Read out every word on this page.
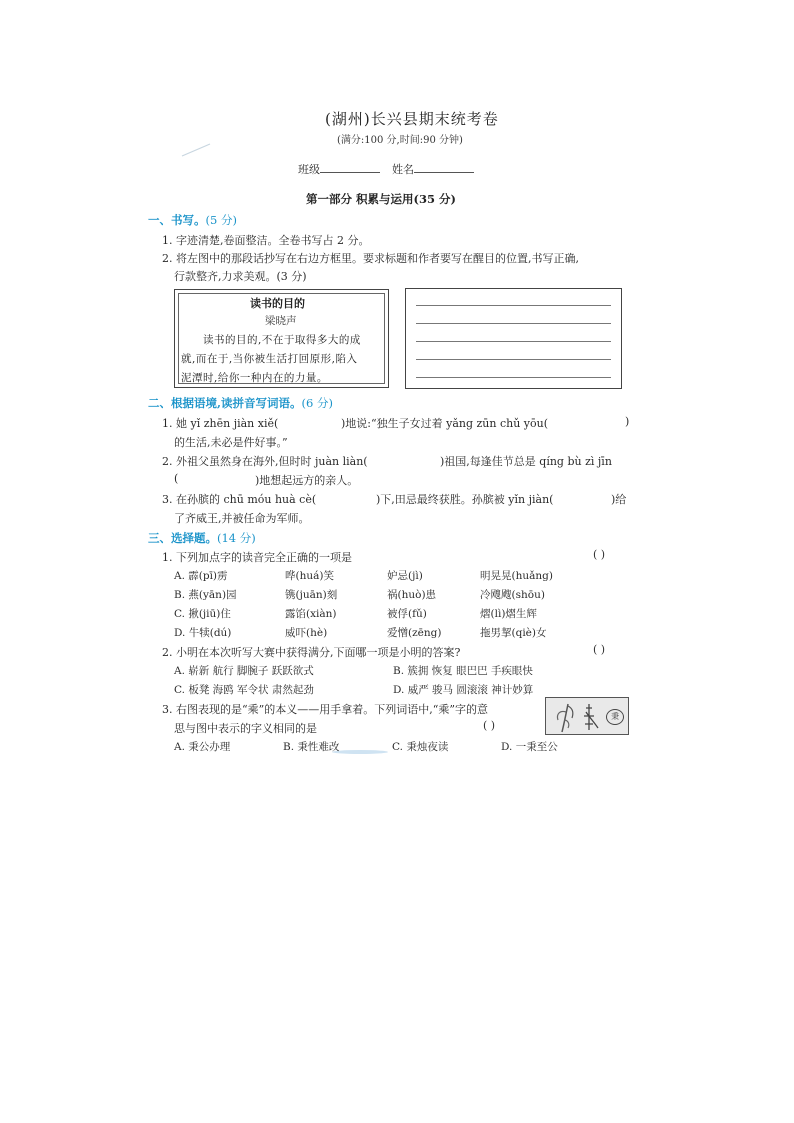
(湖州)长兴县期末统考卷
(满分:100 分,时间:90 分钟)
班级	姓名
第一部分 积累与运用(35 分)
一、书写。(5 分)
1. 字迹清楚,卷面整洁。全卷书写占 2 分。
2. 将左图中的那段话抄写在右边方框里。要求标题和作者要写在醒目的位置,书写正确,
行款整齐,力求美观。(3 分)
读书的目的
梁晓声
读书的目的,不在于取得多大的成
就,而在于,当你被生活打回原形,陷入
泥潭时,给你一种内在的力量。
二、根据语境,读拼音写词语。(6 分)
1. 她 yǐ zhēn jiàn xiě(	)地说:“独生子女过着 yǎng zūn chǔ yōu(	)
的生活,未必是件好事。”
2. 外祖父虽然身在海外,但时时 juàn liàn(	)祖国,每逢佳节总是 qíng bù zì jīn
(	)地想起远方的亲人。
3. 在孙膑的 chū móu huà cè(	)下,田忌最终获胜。孙膑被 yǐn jiàn(	)给
了齐威王,并被任命为军师。
三、选择题。(14 分)
1. 下列加点字的读音完全正确的一项是	( )
A. 霹(pī)雳	哗(huá)笑	妒忌(jì)	明晃晃(huǎng)
B. 燕(yān)园	镌(juān)刻	祸(huò)患	冷飕飕(shōu)
C. 揪(jiū)住	露馅(xiàn)	被俘(fǔ)	熠(lì)熠生辉
D. 牛犊(dú)	威吓(hè)	爱憎(zēng)	拖男挈(qiè)女
2. 小明在本次听写大赛中获得满分,下面哪一项是小明的答案?	( )
A. 崭新 航行 脚腕子 跃跃欲式	B. 簇拥 恢复 眼巴巴 手疾眼快
C. 板凳 海鸥 军令状 肃然起劲	D. 威严 骏马 圆滚滚 神计妙算
3. 右图表现的是“乘”的本义——用手拿着。下列词语中,“乘”字的意
思与图中表示的字义相同的是	( )
秉
A. 秉公办理	B. 秉性难改	C. 秉烛夜读	D. 一秉至公
